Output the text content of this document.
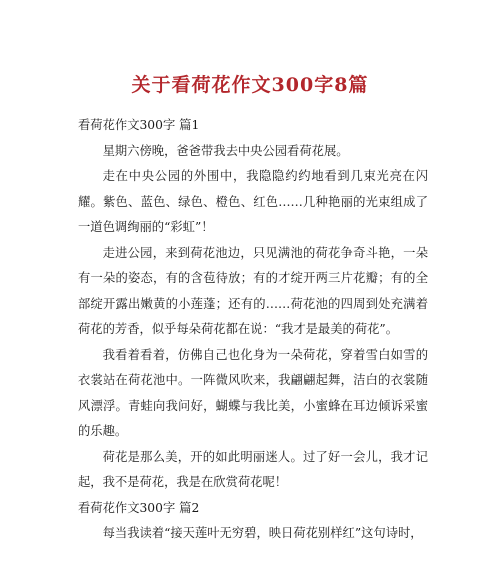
关于看荷花作文300字8篇
看荷花作文300字 篇1

星期六傍晚，爸爸带我去中央公园看荷花展。

走在中央公园的外围中，我隐隐约约地看到几束光亮在闪耀。紫色、蓝色、绿色、橙色、红色……几种艳丽的光束组成了一道色调绚丽的“彩虹”！

走进公园，来到荷花池边，只见满池的荷花争奇斗艳，一朵有一朵的姿态，有的含苞待放；有的才绽开两三片花瓣；有的全部绽开露出嫩黄的小莲蓬；还有的……荷花池的四周到处充满着荷花的芳香，似乎每朵荷花都在说：“我才是最美的荷花”。

我看着看着，仿佛自己也化身为一朵荷花，穿着雪白如雪的衣裳站在荷花池中。一阵微风吹来，我翩翩起舞，洁白的衣裳随风漂浮。青蛙向我问好，蝴蝶与我比美，小蜜蜂在耳边倾诉采蜜的乐趣。

荷花是那么美，开的如此明丽迷人。过了好一会儿，我才记起，我不是荷花，我是在欣赏荷花呢！

看荷花作文300字 篇2

每当我读着“接天莲叶无穷碧，映日荷花别样红”这句诗时，
